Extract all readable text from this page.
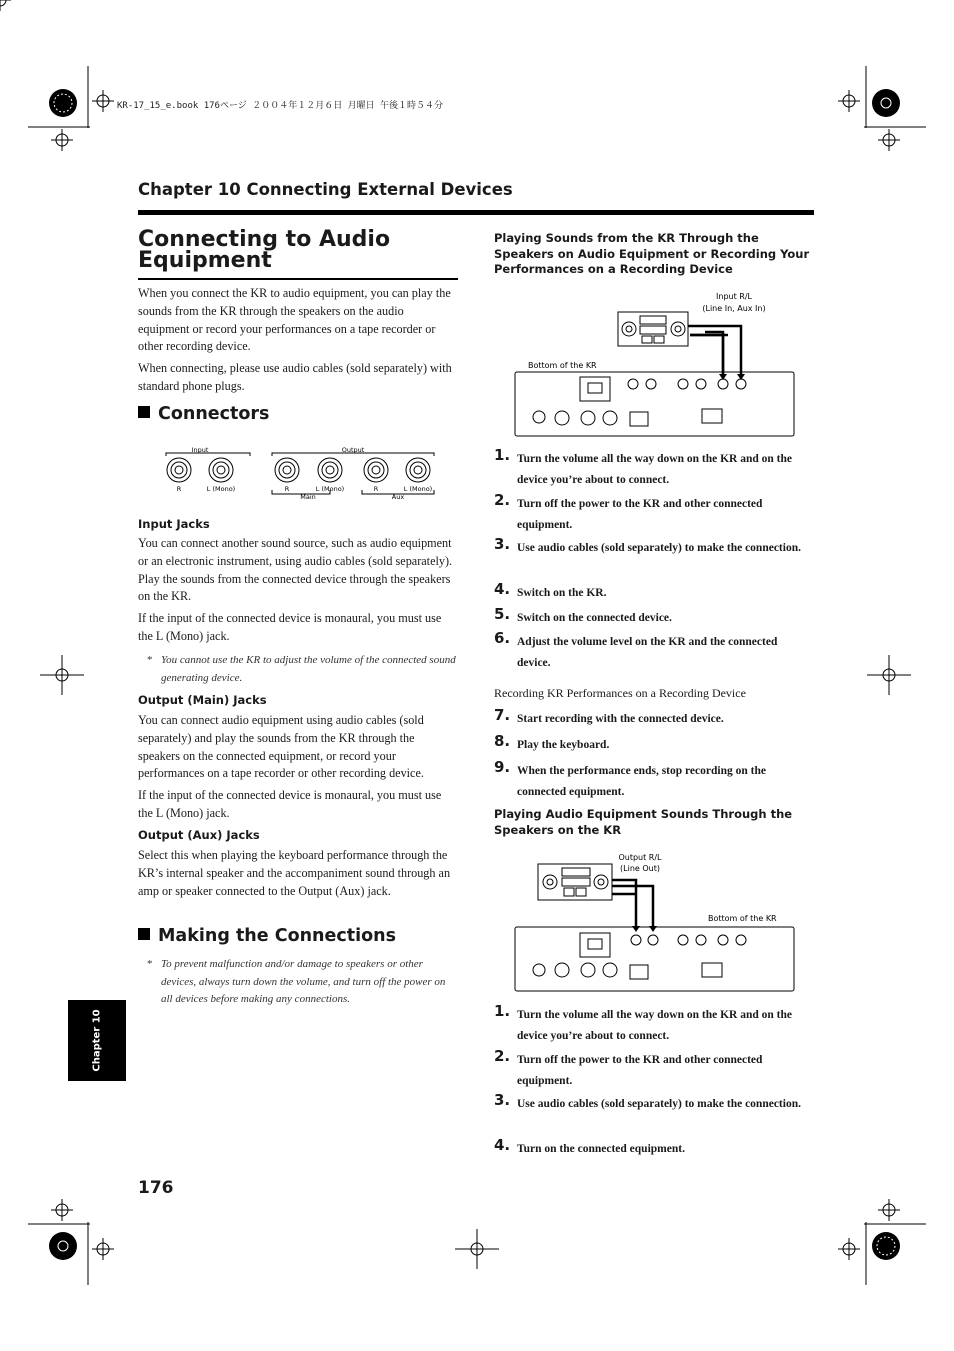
KR-17_15_e.book 176ページ ２００４年１２月６日 月曜日 午後１時５４分
Chapter 10 Connecting External Devices
Connecting to Audio Equipment

When you connect the KR to audio equipment, you can play the sounds from the KR through the speakers on the audio equipment or record your performances on a tape recorder or other recording device.

When connecting, please use audio cables (sold separately) with standard phone plugs.

Connectors
Input	Output
R	L (Mono)	R	L (Mono)	R	L (Mono)
Main	Aux
Input Jacks

You can connect another sound source, such as audio equipment or an electronic instrument, using audio cables (sold separately). Play the sounds from the connected device through the speakers on the KR.

If the input of the connected device is monaural, you must use the L (Mono) jack.

* You cannot use the KR to adjust the volume of the connected sound generating device.
Output (Main) Jacks

You can connect audio equipment using audio cables (sold separately) and play the sounds from the KR through the speakers on the connected equipment, or record your performances on a tape recorder or other recording device.

If the input of the connected device is monaural, you must use the L (Mono) jack.

Output (Aux) Jacks

Select this when playing the keyboard performance through the KR’s internal speaker and the accompaniment sound through an amp or speaker connected to the Output (Aux) jack.

Making the Connections
* To prevent malfunction and/or damage to speakers or other devices, always turn down the volume, and turn off the power on all devices before making any connections.
Playing Sounds from the KR Through the Speakers on Audio Equipment or Recording Your Performances on a Recording Device
Input R/L
(Line In, Aux In)
Bottom of the KR
1. Turn the volume all the way down on the KR and on the device you’re about to connect.
2. Turn off the power to the KR and other connected equipment.
3. Use audio cables (sold separately) to make the connection.
4. Switch on the KR.
5. Switch on the connected device.
6. Adjust the volume level on the KR and the connected device.
Recording KR Performances on a Recording Device
7. Start recording with the connected device.
8. Play the keyboard.
9. When the performance ends, stop recording on the connected equipment.
Playing Audio Equipment Sounds Through the Speakers on the KR
Output R/L
(Line Out)
Bottom of the KR
1. Turn the volume all the way down on the KR and on the device you’re about to connect.
2. Turn off the power to the KR and other connected equipment.
3. Use audio cables (sold separately) to make the connection.
4. Turn on the connected equipment.
Chapter 10
176
